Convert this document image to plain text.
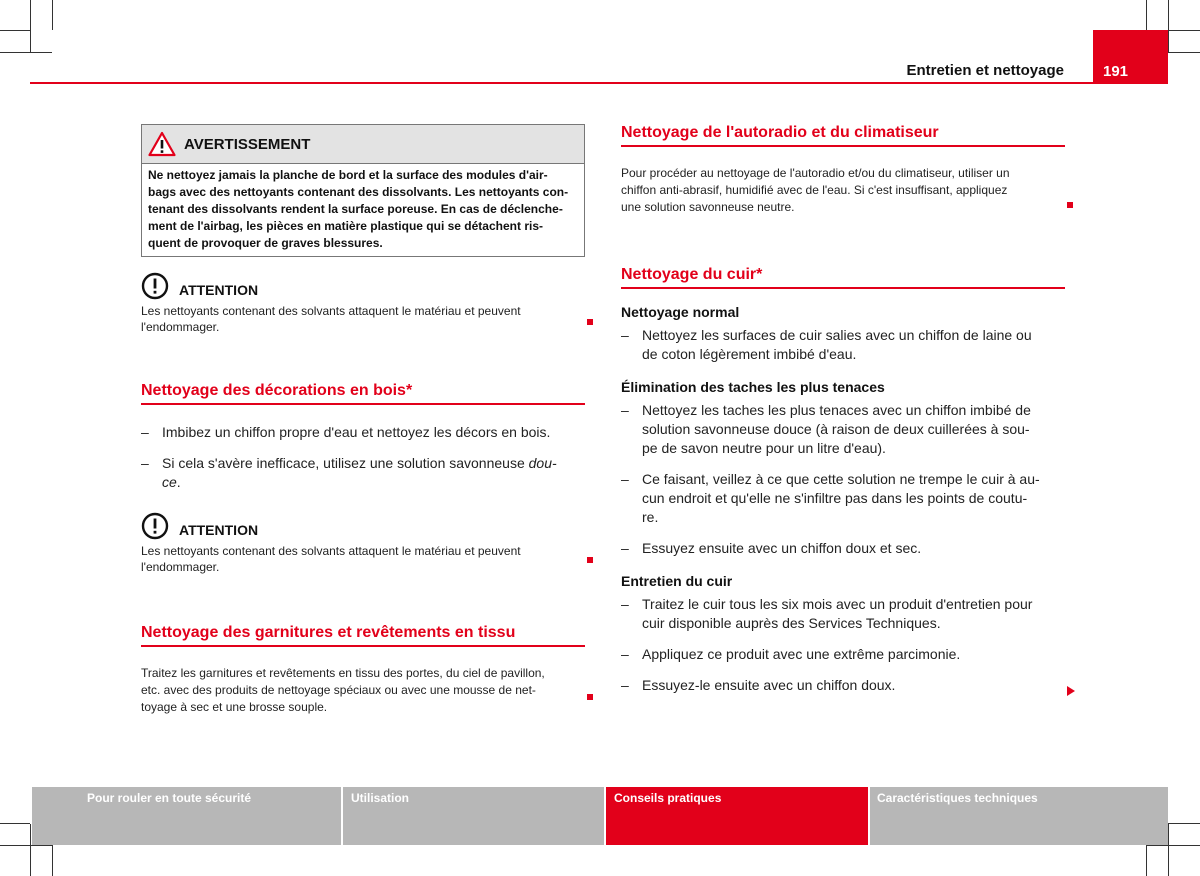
Entretien et nettoyage	191
AVERTISSEMENT
Ne nettoyez jamais la planche de bord et la surface des modules d'air-
bags avec des nettoyants contenant des dissolvants. Les nettoyants con-
tenant des dissolvants rendent la surface poreuse. En cas de déclenche-
ment de l'airbag, les pièces en matière plastique qui se détachent ris-
quent de provoquer de graves blessures.
ATTENTION
Les nettoyants contenant des solvants attaquent le matériau et peuvent
l'endommager.
Nettoyage des décorations en bois*
– Imbibez un chiffon propre d'eau et nettoyez les décors en bois.
– Si cela s'avère inefficace, utilisez une solution savonneuse dou-
ce.
ATTENTION
Les nettoyants contenant des solvants attaquent le matériau et peuvent
l'endommager.
Nettoyage des garnitures et revêtements en tissu
Traitez les garnitures et revêtements en tissu des portes, du ciel de pavillon,
etc. avec des produits de nettoyage spéciaux ou avec une mousse de net-
toyage à sec et une brosse souple.
Nettoyage de l'autoradio et du climatiseur
Pour procéder au nettoyage de l'autoradio et/ou du climatiseur, utiliser un
chiffon anti-abrasif, humidifié avec de l'eau. Si c'est insuffisant, appliquez
une solution savonneuse neutre.
Nettoyage du cuir*
Nettoyage normal
– Nettoyez les surfaces de cuir salies avec un chiffon de laine ou
de coton légèrement imbibé d'eau.
Élimination des taches les plus tenaces
– Nettoyez les taches les plus tenaces avec un chiffon imbibé de
solution savonneuse douce (à raison de deux cuillerées à sou-
pe de savon neutre pour un litre d'eau).
– Ce faisant, veillez à ce que cette solution ne trempe le cuir à au-
cun endroit et qu'elle ne s'infiltre pas dans les points de coutu-
re.
– Essuyez ensuite avec un chiffon doux et sec.
Entretien du cuir
– Traitez le cuir tous les six mois avec un produit d'entretien pour
cuir disponible auprès des Services Techniques.
– Appliquez ce produit avec une extrême parcimonie.
– Essuyez-le ensuite avec un chiffon doux.
Pour rouler en toute sécurité	Utilisation	Conseils pratiques	Caractéristiques techniques
